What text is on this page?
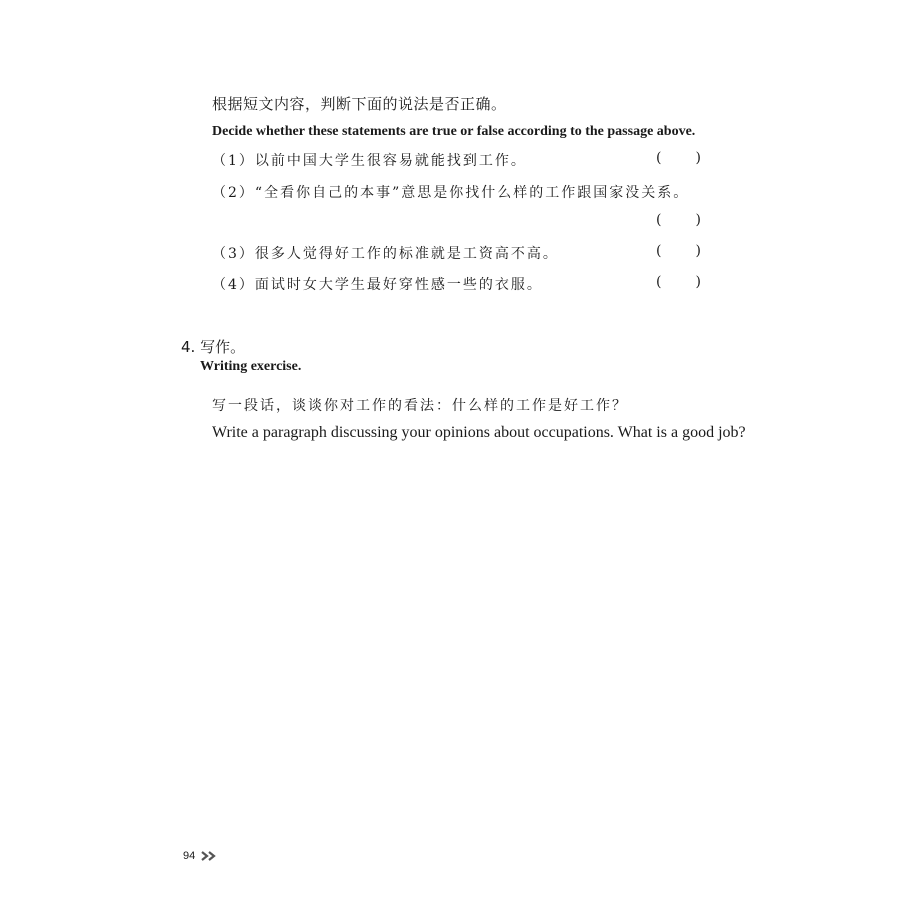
根据短文内容，判断下面的说法是否正确。
Decide whether these statements are true or false according to the passage above.
（1）以前中国大学生很容易就能找到工作。	( )
（2）“全看你自己的本事”意思是你找什么样的工作跟国家没关系。
( )
（3）很多人觉得好工作的标准就是工资高不高。	( )
（4）面试时女大学生最好穿性感一些的衣服。	( )
4. 写作。
Writing exercise.
写一段话，谈谈你对工作的看法：什么样的工作是好工作？
Write a paragraph discussing your opinions about occupations. What is a good job?
94
